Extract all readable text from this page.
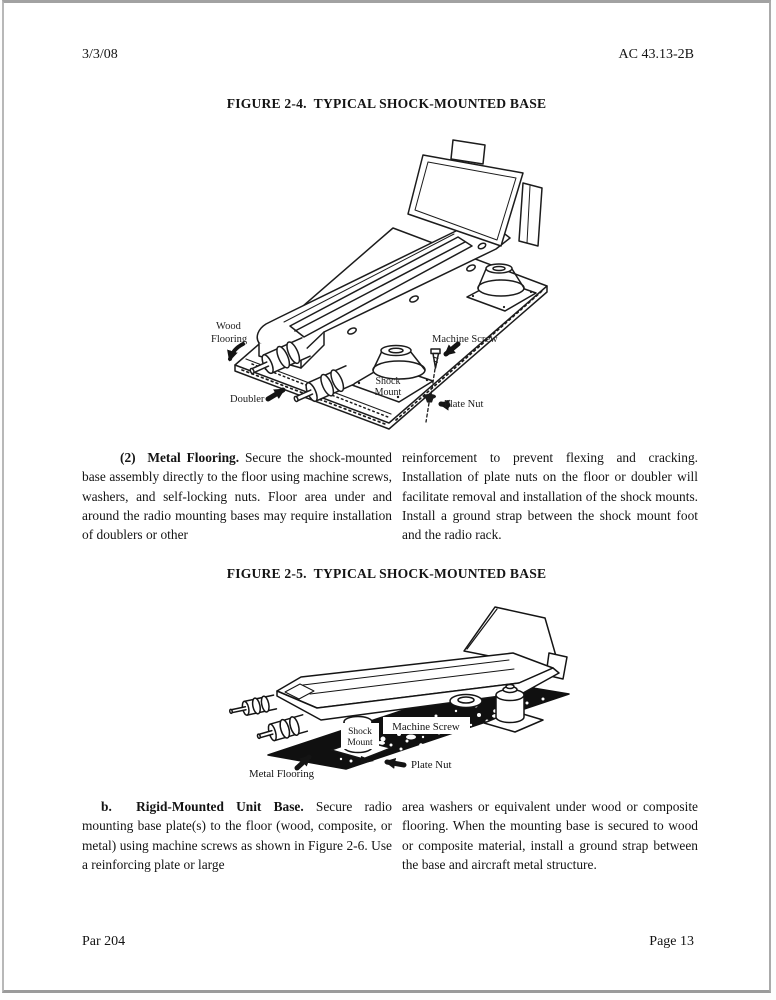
3/3/08	AC 43.13-2B
FIGURE 2-4.  TYPICAL SHOCK-MOUNTED BASE
Wood
Flooring	Machine Screw
Shock
Mount
Doubler	Plate Nut

(2)  Metal Flooring. Secure the shock-mounted base assembly directly to the floor using machine screws, washers, and self-locking nuts. Floor area under and around the radio mounting bases may require installation of doublers or other

reinforcement to prevent flexing and cracking. Installation of plate nuts on the floor or doubler will facilitate removal and installation of the shock mounts. Install a ground strap between the shock mount foot and the radio rack.

FIGURE 2-5.  TYPICAL SHOCK-MOUNTED BASE
Shock
Mount
Machine Screw
Metal Flooring
Plate Nut

b.  Rigid-Mounted Unit Base. Secure radio mounting base plate(s) to the floor (wood, composite, or metal) using machine screws as shown in Figure 2-6. Use a reinforcing plate or large

area washers or equivalent under wood or composite flooring. When the mounting base is secured to wood or composite material, install a ground strap between the base and aircraft metal structure.

Par 204	Page 13
